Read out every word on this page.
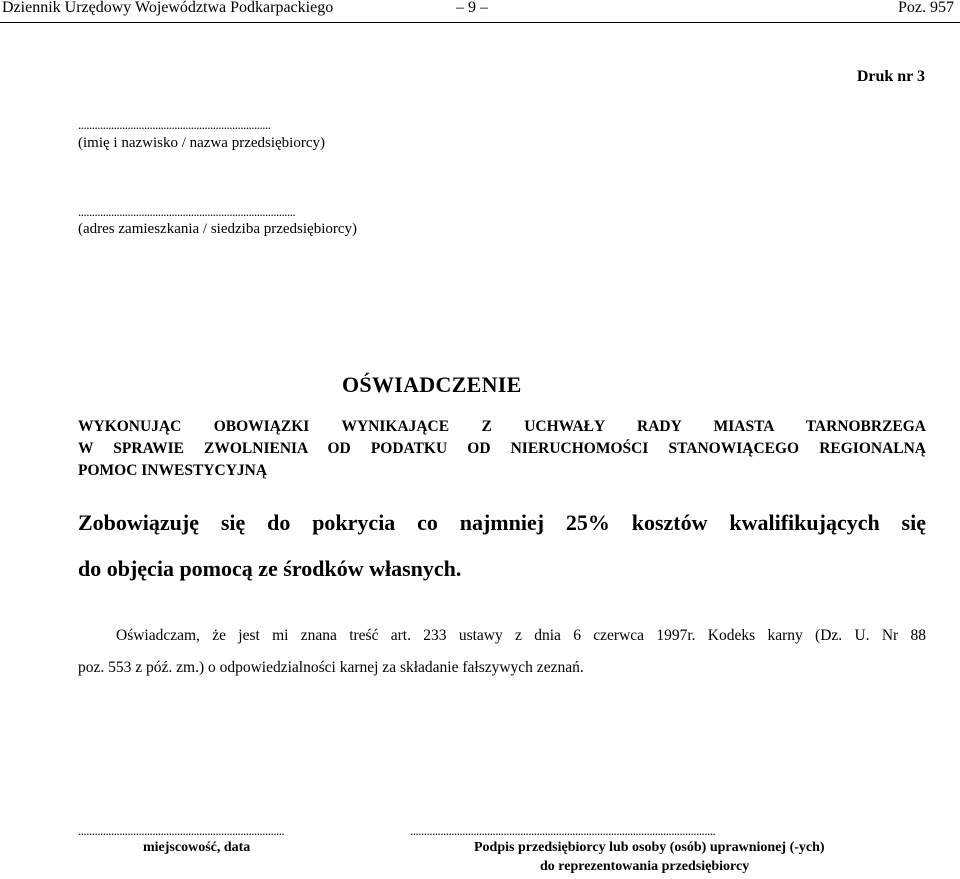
Dziennik Urzędowy Województwa Podkarpackiego	– 9 –	Poz. 957
Druk nr 3
......................................................................
(imię i nazwisko / nazwa przedsiębiorcy)
...............................................................................
(adres zamieszkania / siedziba przedsiębiorcy)
OŚWIADCZENIE
WYKONUJĄC OBOWIĄZKI WYNIKAJĄCE Z UCHWAŁY RADY MIASTA TARNOBRZEGA
W SPRAWIE ZWOLNIENIA OD PODATKU OD NIERUCHOMOŚCI STANOWIĄCEGO REGIONALNĄ
POMOC INWESTYCYJNĄ
Zobowiązuję się do pokrycia co najmniej 25% kosztów kwalifikujących się
do objęcia pomocą ze środków własnych.
Oświadczam, że jest mi znana treść art. 233 ustawy z dnia 6 czerwca 1997r. Kodeks karny (Dz. U. Nr 88
poz. 553 z póź. zm.) o odpowiedzialności karnej za składanie fałszywych zeznań.
...........................................................................
miejscowość, data
...............................................................................................................
Podpis przedsiębiorcy lub osoby (osób) uprawnionej (-ych)
do reprezentowania przedsiębiorcy
